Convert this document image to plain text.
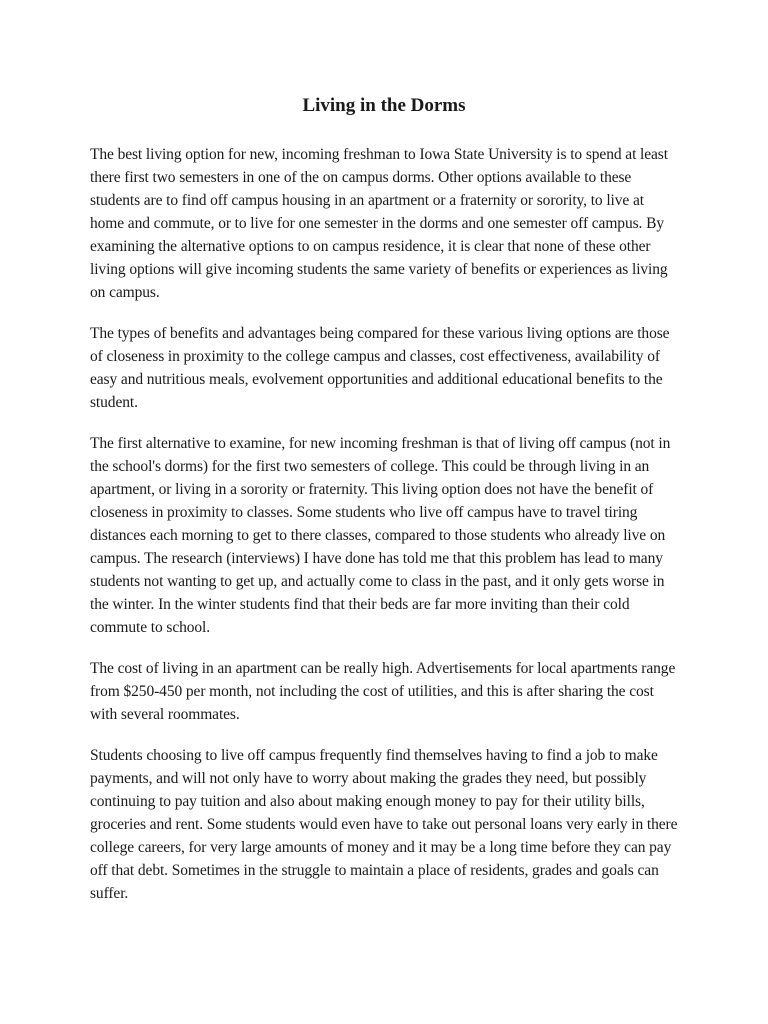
Living in the Dorms

The best living option for new, incoming freshman to Iowa State University is to spend at least there first two semesters in one of the on campus dorms. Other options available to these students are to find off campus housing in an apartment or a fraternity or sorority, to live at home and commute, or to live for one semester in the dorms and one semester off campus. By examining the alternative options to on campus residence, it is clear that none of these other living options will give incoming students the same variety of benefits or experiences as living on campus.

The types of benefits and advantages being compared for these various living options are those of closeness in proximity to the college campus and classes, cost effectiveness, availability of easy and nutritious meals, evolvement opportunities and additional educational benefits to the student.

The first alternative to examine, for new incoming freshman is that of living off campus (not in the school's dorms) for the first two semesters of college. This could be through living in an apartment, or living in a sorority or fraternity. This living option does not have the benefit of closeness in proximity to classes. Some students who live off campus have to travel tiring distances each morning to get to there classes, compared to those students who already live on campus. The research (interviews) I have done has told me that this problem has lead to many students not wanting to get up, and actually come to class in the past, and it only gets worse in the winter. In the winter students find that their beds are far more inviting than their cold commute to school.

The cost of living in an apartment can be really high. Advertisements for local apartments range from $250-450 per month, not including the cost of utilities, and this is after sharing the cost with several roommates.

Students choosing to live off campus frequently find themselves having to find a job to make payments, and will not only have to worry about making the grades they need, but possibly continuing to pay tuition and also about making enough money to pay for their utility bills, groceries and rent. Some students would even have to take out personal loans very early in there college careers, for very large amounts of money and it may be a long time before they can pay off that debt. Sometimes in the struggle to maintain a place of residents, grades and goals can suffer.
